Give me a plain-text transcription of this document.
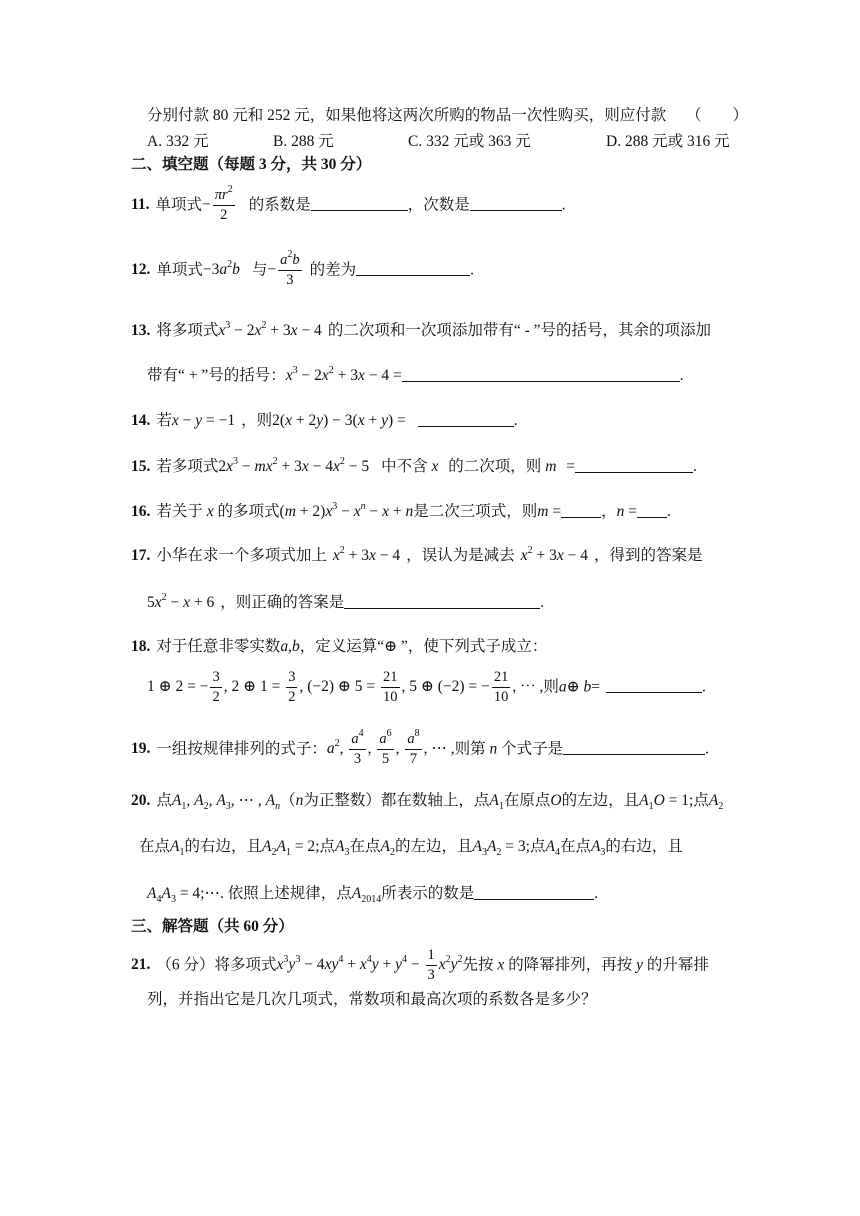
分别付款 80 元和 252 元，如果他将这两次所购的物品一次性购买，则应付款 （　　）
A. 332 元	B. 288 元	C. 332 元或 363 元	D. 288 元或 316 元
二、填空题（每题 3 分，共 30 分）
11. 单项式− $\frac{\pi r^2}{2}$ 的系数是	，次数是	.
12. 单项式$-3a^2b$ 与− $\frac{a^2b}{3}$ 的差为	.
13. 将多项式$x^3 - 2x^2 + 3x - 4$ 的二次项和一次项添加带有“ - ”号的括号，其余的项添加
带有“ + ”号的括号：$x^3 - 2x^2 + 3x - 4$ =	.
14. 若x − y = −1 ，则2(x + 2y) − 3(x + y) =	.
15. 若多项式$2x^3 - mx^2 + 3x - 4x^2 - 5$ 中不含 x 的二次项，则 m =	.
16. 若关于 x 的多项式$(m + 2)x^3 - x^n - x + n$是二次三项式，则m =	，n = .
17. 小华在求一个多项式加上 $x^2 + 3x - 4$ ，误认为是减去 $x^2 + 3x - 4$ ，得到的答案是
$5x^2 - x + 6$ ，则正确的答案是	.
18. 对于任意非零实数a,b，定义运算“⊕ ”，使下列式子成立：
1 ⊕ 2 = − $\frac{3}{2}$ , 2 ⊕ $1 = \frac{3}{2}$ , (−2) ⊕ $5 = \frac{21}{10}$ , 5 ⊕ (−2) = − $\frac{21}{10}$ , ⋯ ,则a⊕ b=	.
19. 一组按规律排列的式子：$a^2$, $\frac{a^4}{3}$ , $\frac{a^6}{5}$ , $\frac{a^8}{7}$ , ⋯ ,则第 n 个式子是	.
20. 点$A_1$, $A_2$, $A_3$, ⋯ , $A_n(n$为正整数）都在数轴上，点$A_1$在原点O的左边，且$A_1O = 1$;点$A_2$
在点$A_1$的右边，且$A_2A_1 = 2$;点$A_3$在点$A_2$的左边，且$A_3A_2 = 3$;点$A_4$在点$A_3$的右边，且
$A_4A_3$ = 4;⋯. 依照上述规律，点$A_{2014}$所表示的数是	.
三、解答题（共 60 分）
21. （6 分）将多项式$x^3y^3 - 4xy^4 + x^4y + y^4 - \frac{1}{3} x^2y^2$先按 x 的降幂排列，再按 y 的升幂排
列，并指出它是几次几项式，常数项和最高次项的系数各是多少？
